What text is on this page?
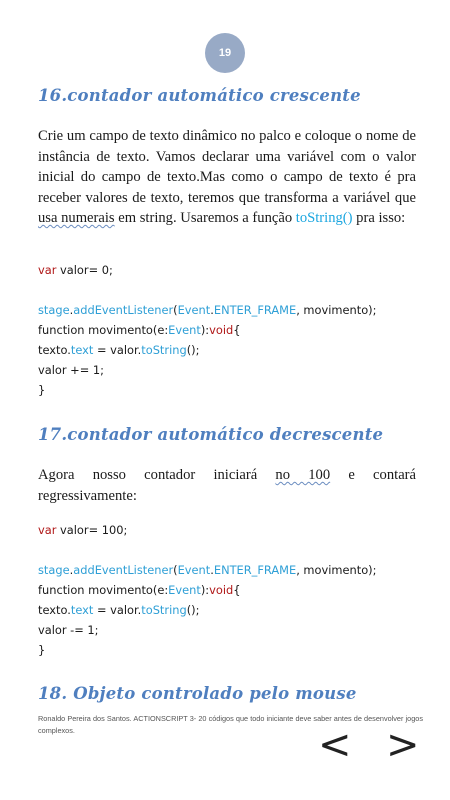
19
16.contador automático crescente

Crie um campo de texto dinâmico no palco e coloque o nome de instância de texto. Vamos declarar uma variável com o valor inicial do campo de texto.Mas como o campo de texto é pra receber valores de texto, teremos que transforma a variável que usa numerais em string. Usaremos a função toString() pra isso:

var valor= 0;
stage.addEventListener(Event.ENTER_FRAME, movimento);
function movimento(e:Event):void{
texto.text = valor.toString();
valor += 1;
}
17.contador automático decrescente

Agora nosso contador iniciará no 100 e contará regressivamente:

var valor= 100;
stage.addEventListener(Event.ENTER_FRAME, movimento);
function movimento(e:Event):void{
texto.text = valor.toString();
valor -= 1;
}
18. Objeto controlado pelo mouse

Ronaldo Pereira dos Santos. ACTIONSCRIPT 3- 20 códigos que todo iniciante deve saber antes de desenvolver jogos complexos.	< >
